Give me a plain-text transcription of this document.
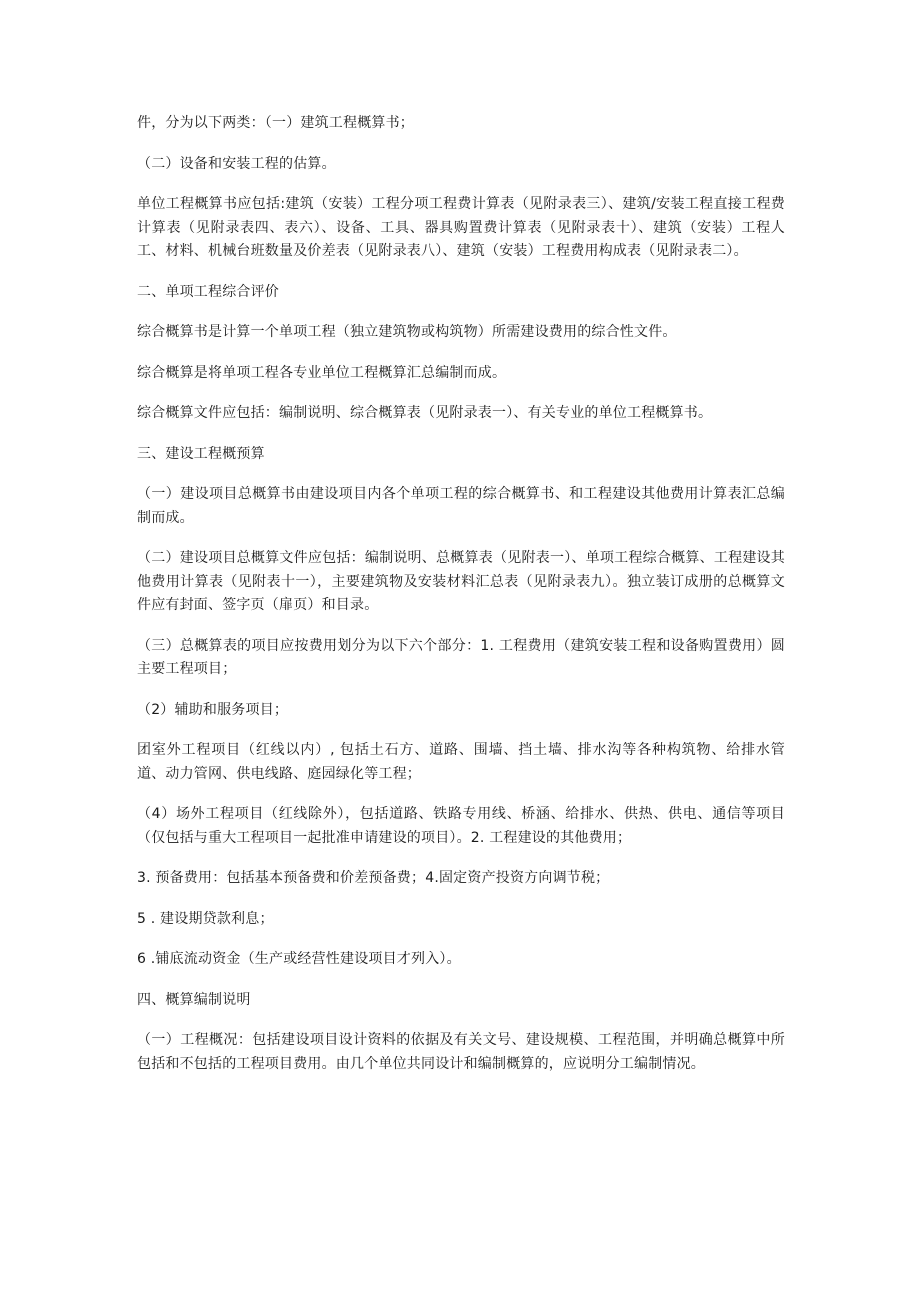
件，分为以下两类：（一）建筑工程概算书；

（二）设备和安装工程的估算。

单位工程概算书应包括:建筑（安装）工程分项工程费计算表（见附录表三）、建筑/安装工程直接工程费计算表（见附录表四、表六）、设备、工具、器具购置费计算表（见附录表十）、建筑（安装）工程人工、材料、机械台班数量及价差表（见附录表八）、建筑（安装）工程费用构成表（见附录表二）。

二、单项工程综合评价

综合概算书是计算一个单项工程（独立建筑物或构筑物）所需建设费用的综合性文件。

综合概算是将单项工程各专业单位工程概算汇总编制而成。

综合概算文件应包括：编制说明、综合概算表（见附录表一）、有关专业的单位工程概算书。

三、建设工程概预算

（一）建设项目总概算书由建设项目内各个单项工程的综合概算书、和工程建设其他费用计算表汇总编制而成。

（二）建设项目总概算文件应包括：编制说明、总概算表（见附表一）、单项工程综合概算、工程建设其他费用计算表（见附表十一），主要建筑物及安装材料汇总表（见附录表九）。独立装订成册的总概算文件应有封面、签字页（扉页）和目录。

（三）总概算表的项目应按费用划分为以下六个部分：1. 工程费用（建筑安装工程和设备购置费用）圆主要工程项目；

（2）辅助和服务项目；

团室外工程项目（红线以内）, 包括土石方、道路、围墙、挡土墙、排水沟等各种构筑物、给排水管道、动力管网、供电线路、庭园绿化等工程；

（4）场外工程项目（红线除外），包括道路、铁路专用线、桥涵、给排水、供热、供电、通信等项目（仅包括与重大工程项目一起批准申请建设的项目）。2. 工程建设的其他费用；

3. 预备费用：包括基本预备费和价差预备费；4.固定资产投资方向调节税；

5 . 建设期贷款利息；

6 .铺底流动资金（生产或经营性建设项目才列入）。

四、概算编制说明

（一）工程概况：包括建设项目设计资料的依据及有关文号、建设规模、工程范围，并明确总概算中所包括和不包括的工程项目费用。由几个单位共同设计和编制概算的，应说明分工编制情况。
